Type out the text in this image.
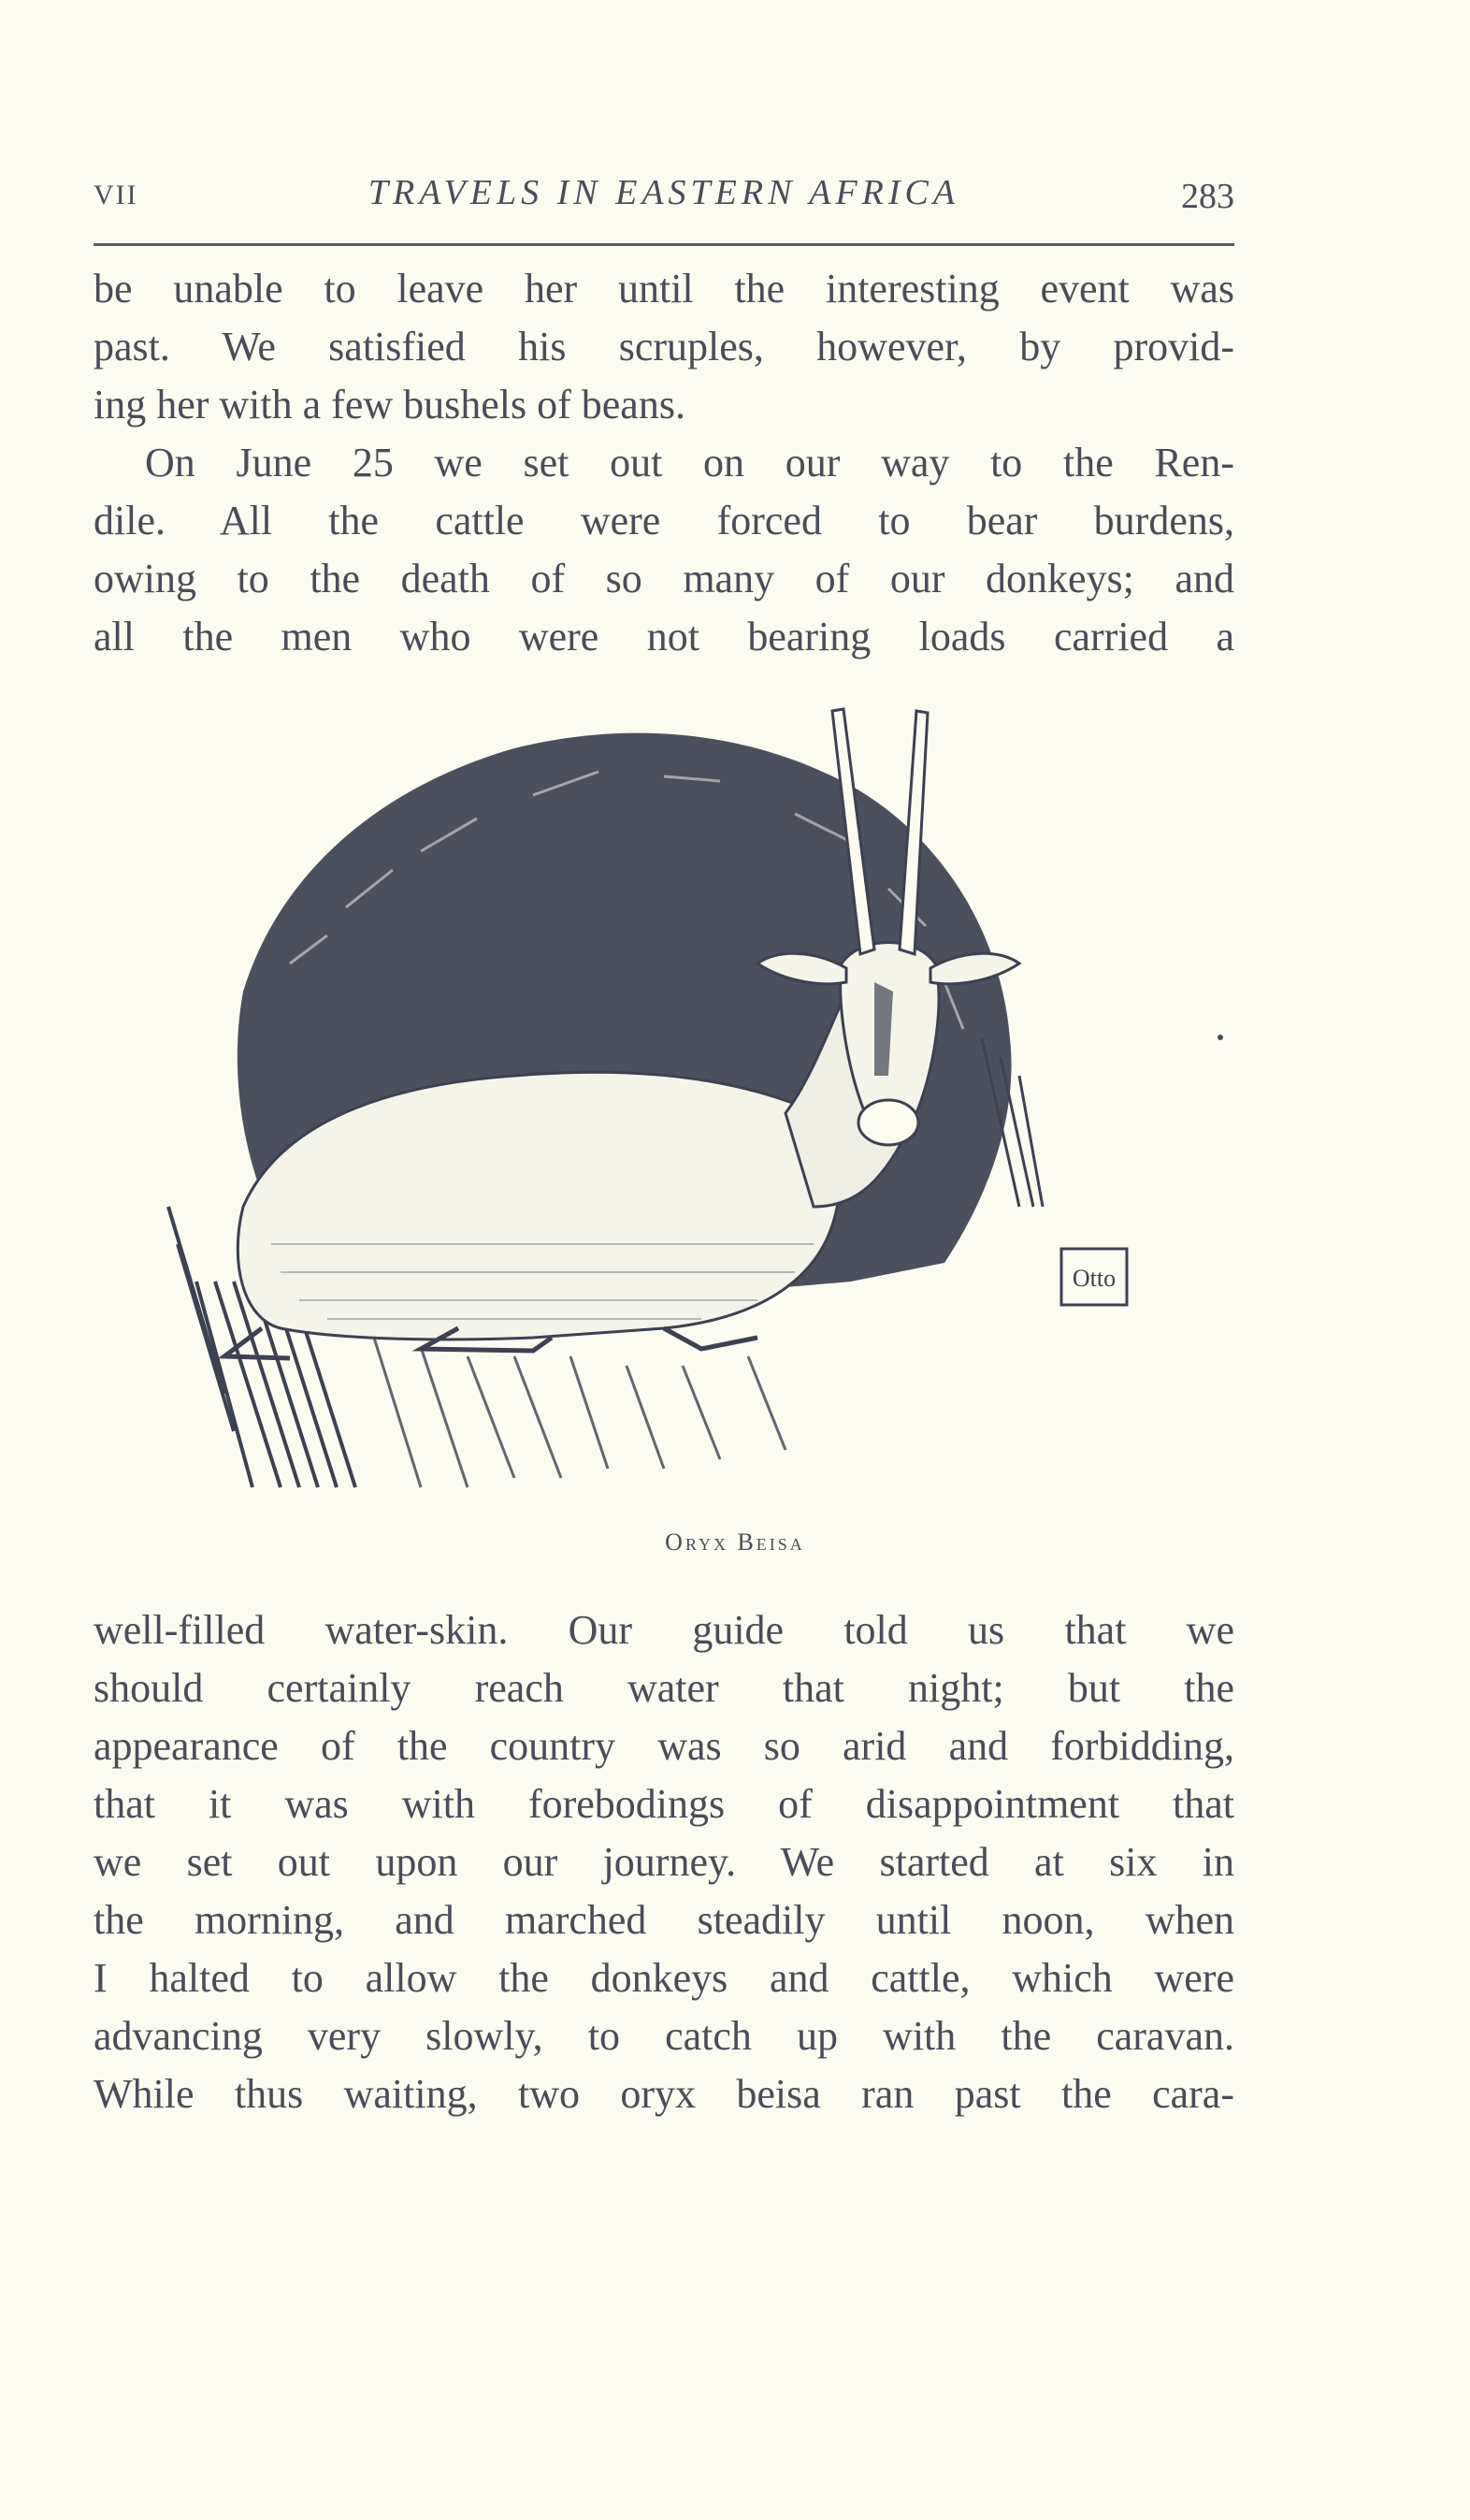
VII	TRAVELS IN EASTERN AFRICA	283
be unable to leave her until the interesting event was
past. We satisfied his scruples, however, by provid-
ing her with a few bushels of beans.
On June 25 we set out on our way to the Ren-
dile. All the cattle were forced to bear burdens,
owing to the death of so many of our donkeys; and
all the men who were not bearing loads carried a
Otto
Oryx Beisa
well-filled water-skin. Our guide told us that we
should certainly reach water that night; but the
appearance of the country was so arid and forbidding,
that it was with forebodings of disappointment that
we set out upon our journey. We started at six in
the morning, and marched steadily until noon, when
I halted to allow the donkeys and cattle, which were
advancing very slowly, to catch up with the caravan.
While thus waiting, two oryx beisa ran past the cara-
